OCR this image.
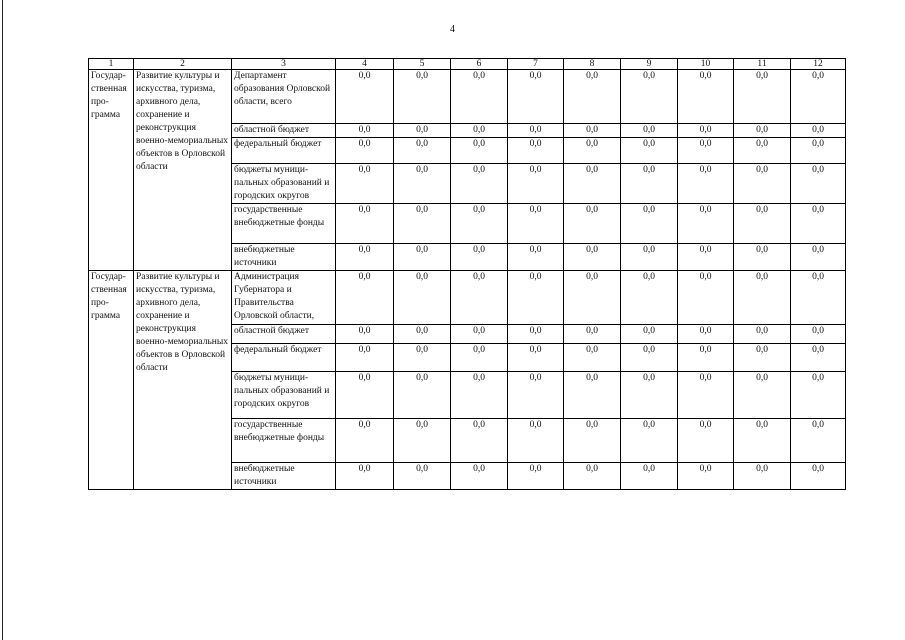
4
1	2	3	4	5	6	7	8	9	10	11	12
Государ-ственная про-грамма	Развитие культуры и искусства, туризма, архивного дела, сохранение и реконструкция военно-мемориальных объектов в Орловской области	Департамент образования Орловской области, всего	0,0	0,0	0,0	0,0	0,0	0,0	0,0	0,0	0,0
		областной бюджет	0,0	0,0	0,0	0,0	0,0	0,0	0,0	0,0	0,0
		федеральный бюджет	0,0	0,0	0,0	0,0	0,0	0,0	0,0	0,0	0,0
		бюджеты муници-пальных образований и городских округов	0,0	0,0	0,0	0,0	0,0	0,0	0,0	0,0	0,0
		государственные внебюджетные фонды	0,0	0,0	0,0	0,0	0,0	0,0	0,0	0,0	0,0
		внебюджетные источники	0,0	0,0	0,0	0,0	0,0	0,0	0,0	0,0	0,0
Государ-ственная про-грамма	Развитие культуры и искусства, туризма, архивного дела, сохранение и реконструкция военно-мемориальных объектов в Орловской области	Администрация Губернатора и Правительства Орловской области,	0,0	0,0	0,0	0,0	0,0	0,0	0,0	0,0	0,0
		областной бюджет	0,0	0,0	0,0	0,0	0,0	0,0	0,0	0,0	0,0
		федеральный бюджет	0,0	0,0	0,0	0,0	0,0	0,0	0,0	0,0	0,0
		бюджеты муници-пальных образований и городских округов	0,0	0,0	0,0	0,0	0,0	0,0	0,0	0,0	0,0
		государственные внебюджетные фонды	0,0	0,0	0,0	0,0	0,0	0,0	0,0	0,0	0,0
		внебюджетные источники	0,0	0,0	0,0	0,0	0,0	0,0	0,0	0,0	0,0
